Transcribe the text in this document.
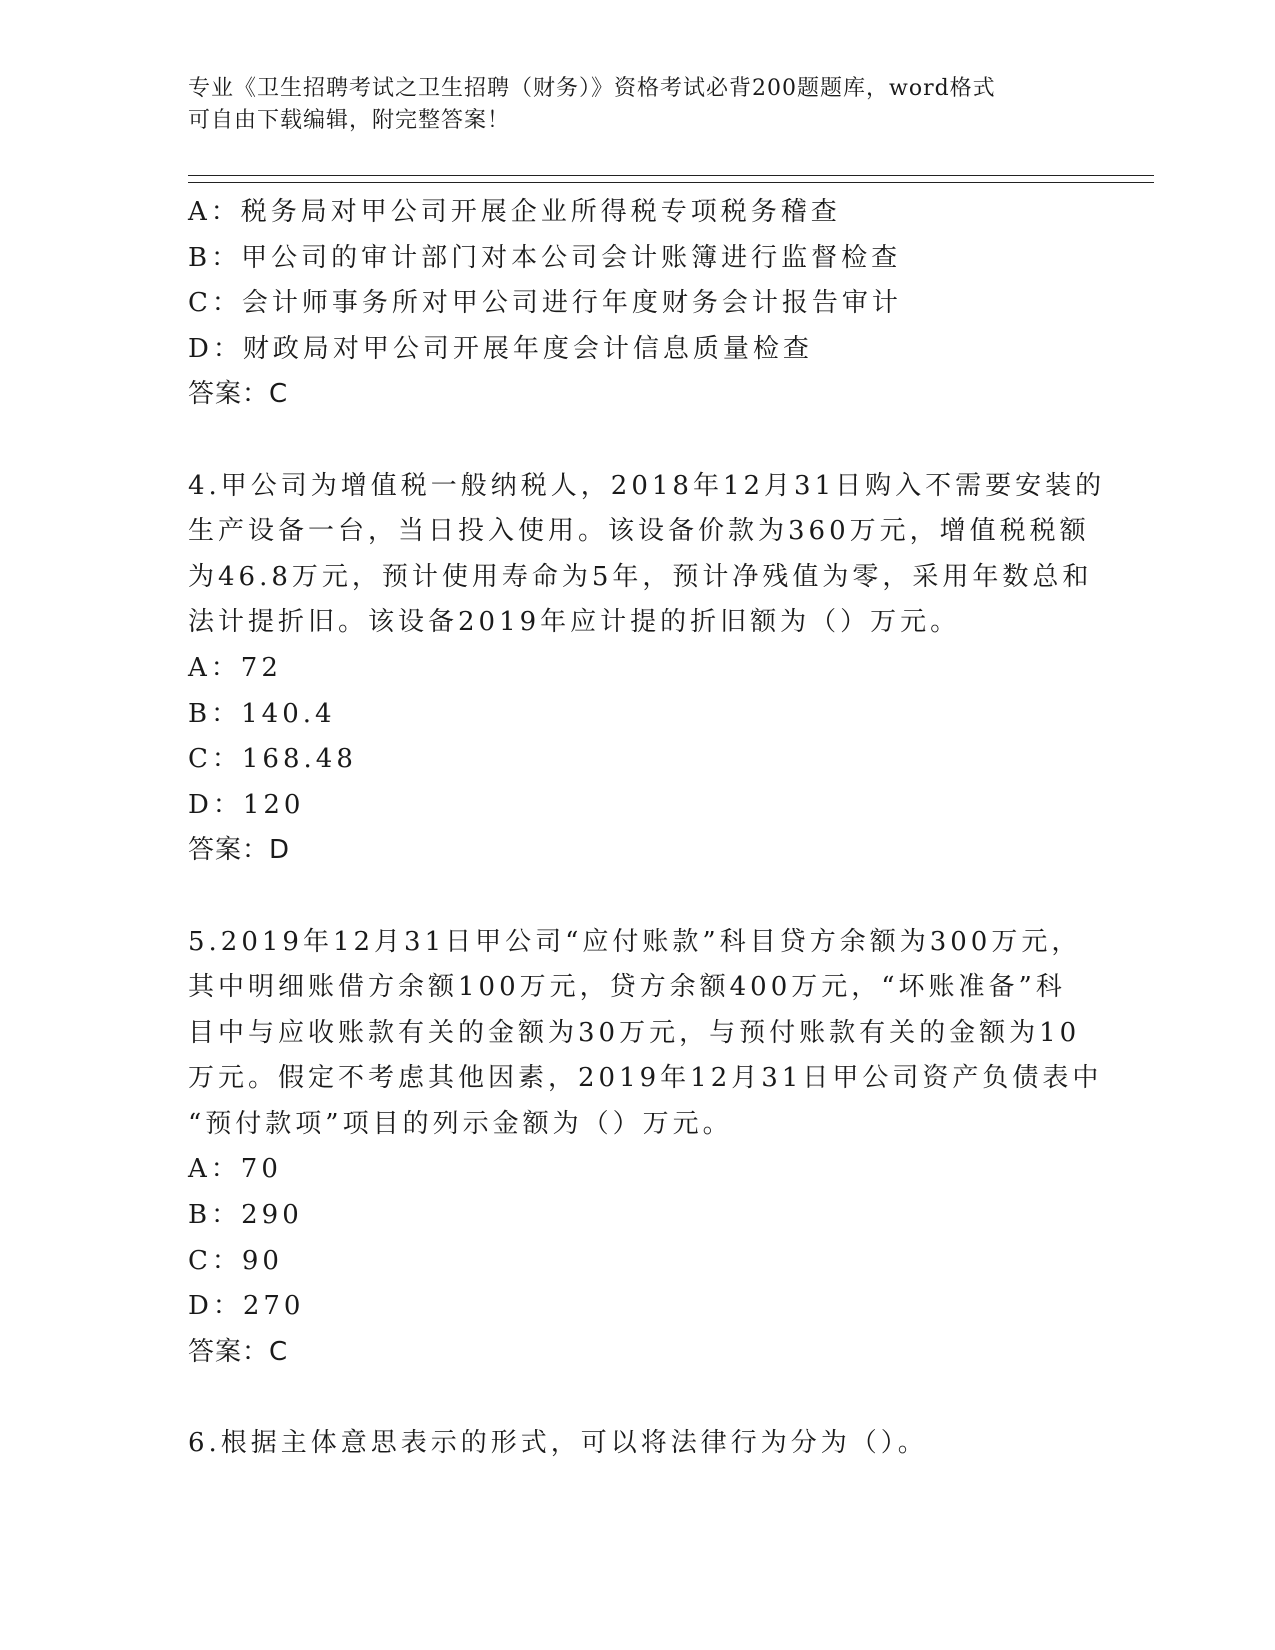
专业《卫生招聘考试之卫生招聘（财务）》资格考试必背200题题库，word格式
可自由下载编辑，附完整答案！
A：税务局对甲公司开展企业所得税专项税务稽查
B：甲公司的审计部门对本公司会计账簿进行监督检查
C：会计师事务所对甲公司进行年度财务会计报告审计
D：财政局对甲公司开展年度会计信息质量检查
答案：C
4.甲公司为增值税一般纳税人，2018年12月31日购入不需要安装的
生产设备一台，当日投入使用。该设备价款为360万元，增值税税额
为46.8万元，预计使用寿命为5年，预计净残值为零，采用年数总和
法计提折旧。该设备2019年应计提的折旧额为（）万元。
A：72
B：140.4
C：168.48
D：120
答案：D
5.2019年12月31日甲公司“应付账款”科目贷方余额为300万元，
其中明细账借方余额100万元，贷方余额400万元，“坏账准备”科
目中与应收账款有关的金额为30万元，与预付账款有关的金额为10
万元。假定不考虑其他因素，2019年12月31日甲公司资产负债表中
“预付款项”项目的列示金额为（）万元。
A：70
B：290
C：90
D：270
答案：C
6.根据主体意思表示的形式，可以将法律行为分为（）。
